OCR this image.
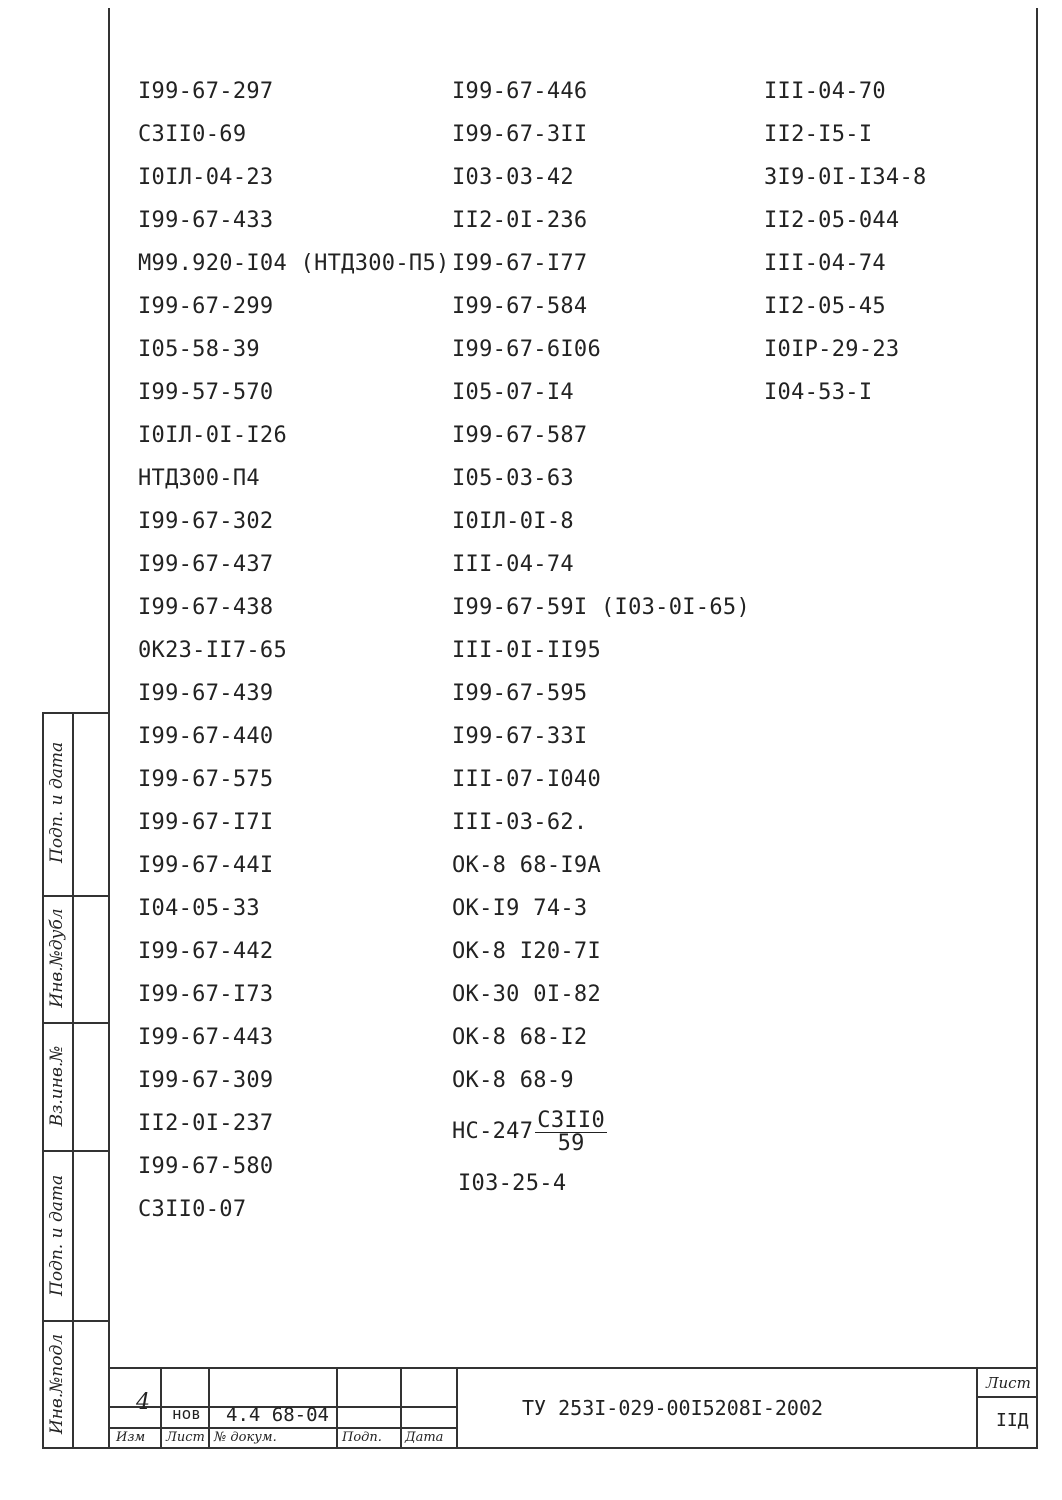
Подп. и дата
Инв.№дубл
Вз.инв.№
Подп. и дата
Инв.№подл
I99-67-297
C3II0-69
I0IЛ-04-23
I99-67-433
M99.920-I04 (НТДЗ00-П5)
I99-67-299
I05-58-39
I99-57-570
I0IЛ-0I-I26
НТДЗ00-П4
I99-67-302
I99-67-437
I99-67-438
0K23-II7-65
I99-67-439
I99-67-440
I99-67-575
I99-67-I7I
I99-67-44I
I04-05-33
I99-67-442
I99-67-I73
I99-67-443
I99-67-309
II2-0I-237
I99-67-580
C3II0-07
I99-67-446
I99-67-3II
I03-03-42
II2-0I-236
I99-67-I77
I99-67-584
I99-67-6I06
I05-07-I4
I99-67-587
I05-03-63
I0IЛ-0I-8
III-04-74
I99-67-59I (I03-0I-65)
III-0I-II95
I99-67-595
I99-67-33I
III-07-I040
III-03-62.
OK-8 68-I9A
OK-I9 74-3
OK-8 I20-7I
OK-30 0I-82
OK-8 68-I2
OK-8 68-9
$HC-247 \frac{C3II0}{59}$
I03-25-4
III-04-70
II2-I5-I
3I9-0I-I34-8
II2-05-044
III-04-74
II2-05-45
I0IP-29-23
I04-53-I
4 нов 4.4 68-04
Изм Лист № докум.	Подп. Дата
ТУ 253I-029-00I5208I-2002
Лист
IIД
